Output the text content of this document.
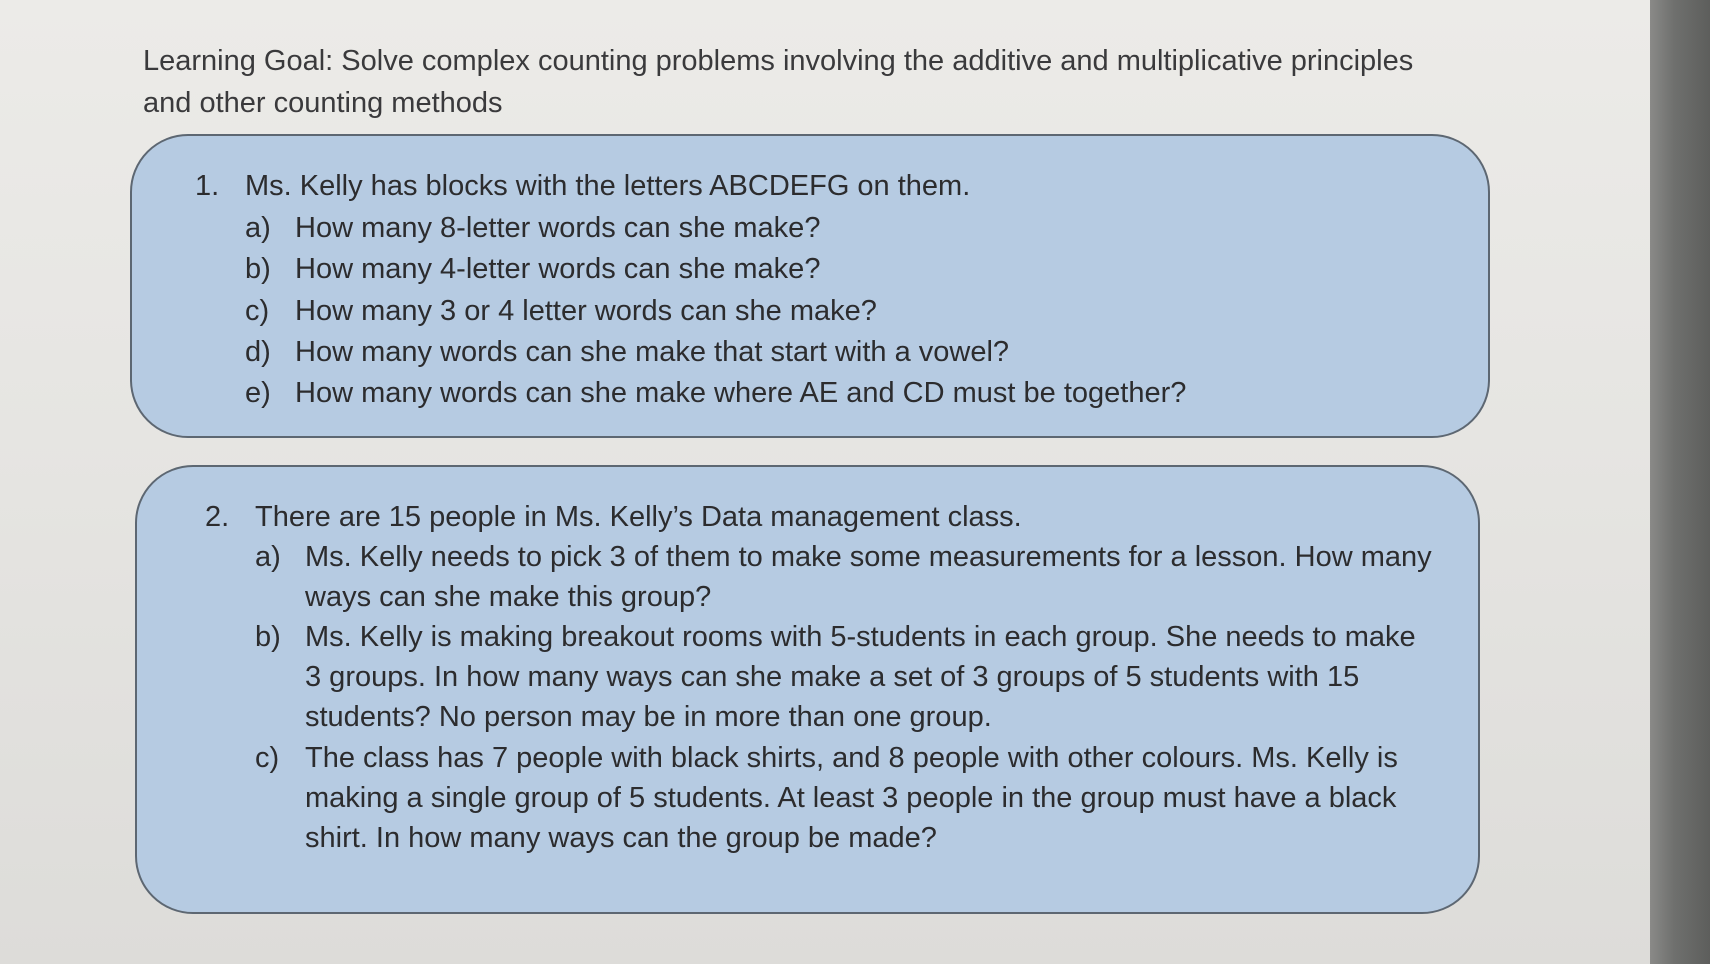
Learning Goal: Solve complex counting problems involving the additive and multiplicative principles and other counting methods
1. Ms. Kelly has blocks with the letters ABCDEFG on them.
a) How many 8-letter words can she make?
b) How many 4-letter words can she make?
c) How many 3 or 4 letter words can she make?
d) How many words can she make that start with a vowel?
e) How many words can she make where AE and CD must be together?
2. There are 15 people in Ms. Kelly’s Data management class.
a) Ms. Kelly needs to pick 3 of them to make some measurements for a lesson. How many ways can she make this group?
b) Ms. Kelly is making breakout rooms with 5-students in each group. She needs to make 3 groups. In how many ways can she make a set of 3 groups of 5 students with 15 students? No person may be in more than one group.
c) The class has 7 people with black shirts, and 8 people with other colours. Ms. Kelly is making a single group of 5 students. At least 3 people in the group must have a black shirt. In how many ways can the group be made?
